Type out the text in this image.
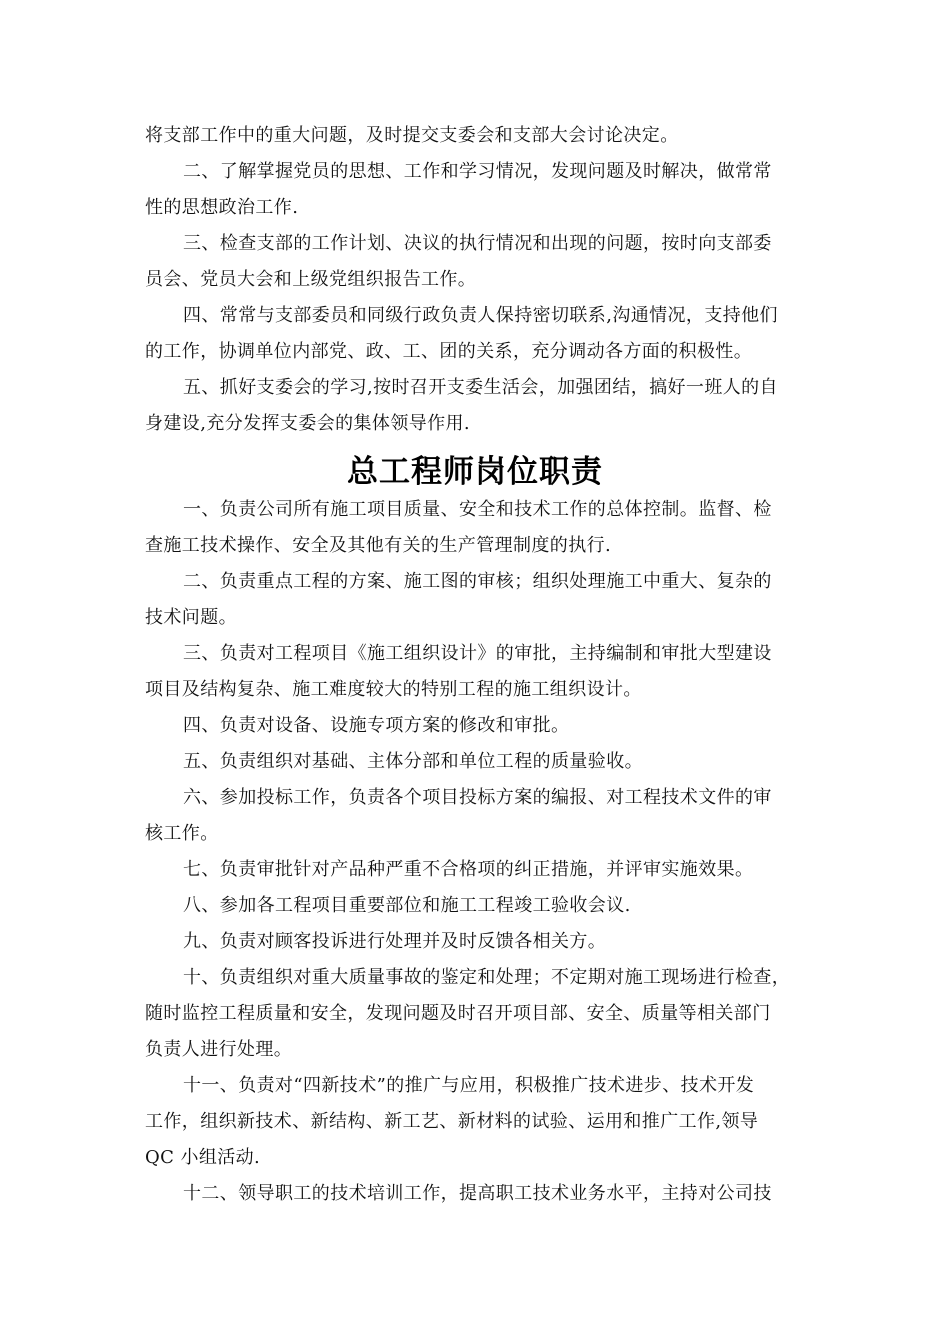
将支部工作中的重大问题，及时提交支委会和支部大会讨论决定。
二、了解掌握党员的思想、工作和学习情况，发现问题及时解决，做常常
性的思想政治工作.
三、检查支部的工作计划、决议的执行情况和出现的问题，按时向支部委
员会、党员大会和上级党组织报告工作。
四、常常与支部委员和同级行政负责人保持密切联系,沟通情况，支持他们
的工作，协调单位内部党、政、工、团的关系，充分调动各方面的积极性。
五、抓好支委会的学习,按时召开支委生活会，加强团结，搞好一班人的自
身建设,充分发挥支委会的集体领导作用.
总工程师岗位职责
一、负责公司所有施工项目质量、安全和技术工作的总体控制。监督、检
查施工技术操作、安全及其他有关的生产管理制度的执行.
二、负责重点工程的方案、施工图的审核；组织处理施工中重大、复杂的
技术问题。
三、负责对工程项目《施工组织设计》的审批，主持编制和审批大型建设
项目及结构复杂、施工难度较大的特别工程的施工组织设计。
四、负责对设备、设施专项方案的修改和审批。
五、负责组织对基础、主体分部和单位工程的质量验收。
六、参加投标工作，负责各个项目投标方案的编报、对工程技术文件的审
核工作。
七、负责审批针对产品种严重不合格项的纠正措施，并评审实施效果。
八、参加各工程项目重要部位和施工工程竣工验收会议.
九、负责对顾客投诉进行处理并及时反馈各相关方。
十、负责组织对重大质量事故的鉴定和处理；不定期对施工现场进行检查，
随时监控工程质量和安全，发现问题及时召开项目部、安全、质量等相关部门
负责人进行处理。
十一、负责对“四新技术”的推广与应用，积极推广技术进步、技术开发
工作，组织新技术、新结构、新工艺、新材料的试验、运用和推广工作,领导
QC 小组活动.
十二、领导职工的技术培训工作，提高职工技术业务水平，主持对公司技
